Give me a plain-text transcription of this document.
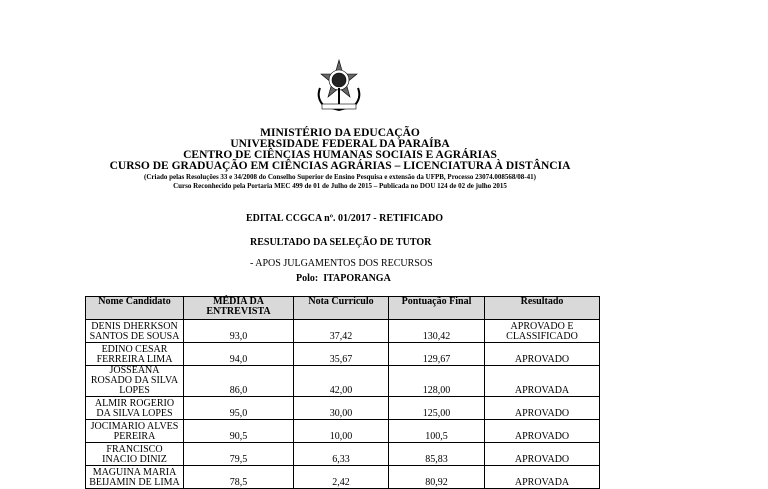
MINISTÉRIO DA EDUCAÇÃO
UNIVERSIDADE FEDERAL DA PARAÍBA
CENTRO DE CIÊNCIAS HUMANAS SOCIAIS E AGRÁRIAS
CURSO DE GRADUAÇÃO EM CIÊNCIAS AGRÁRIAS – LICENCIATURA À DISTÂNCIA
(Criado pelas Resoluções 33 e 34/2008 do Conselho Superior de Ensino Pesquisa e extensão da UFPB, Processo 23074.008568/08-41)
Curso Reconhecido pela Portaria MEC 499 de 01 de Julho de 2015 – Publicada no DOU 124 de 02 de julho 2015
EDITAL CCGCA nº. 01/2017 - RETIFICADO
RESULTADO DA SELEÇÃO DE TUTOR
- APOS JULGAMENTOS DOS RECURSOS
Polo: ITAPORANGA
Nome Candidato	MÉDIA DA ENTREVISTA	Nota Currículo	Pontuação Final	Resultado
DENIS DHERKSON SANTOS DE SOUSA	93,0	37,42	130,42	APROVADO E CLASSIFICADO
EDINO CESAR FERREIRA LIMA	94,0	35,67	129,67	APROVADO
JOSSEANA ROSADO DA SILVA LOPES	86,0	42,00	128,00	APROVADA
ALMIR ROGERIO DA SILVA LOPES	95,0	30,00	125,00	APROVADO
JOCIMARIO ALVES PEREIRA	90,5	10,00	100,5	APROVADO
FRANCISCO INACIO DINIZ	79,5	6,33	85,83	APROVADO
MAGUINA MARIA BEIJAMIN DE LIMA	78,5	2,42	80,92	APROVADA
